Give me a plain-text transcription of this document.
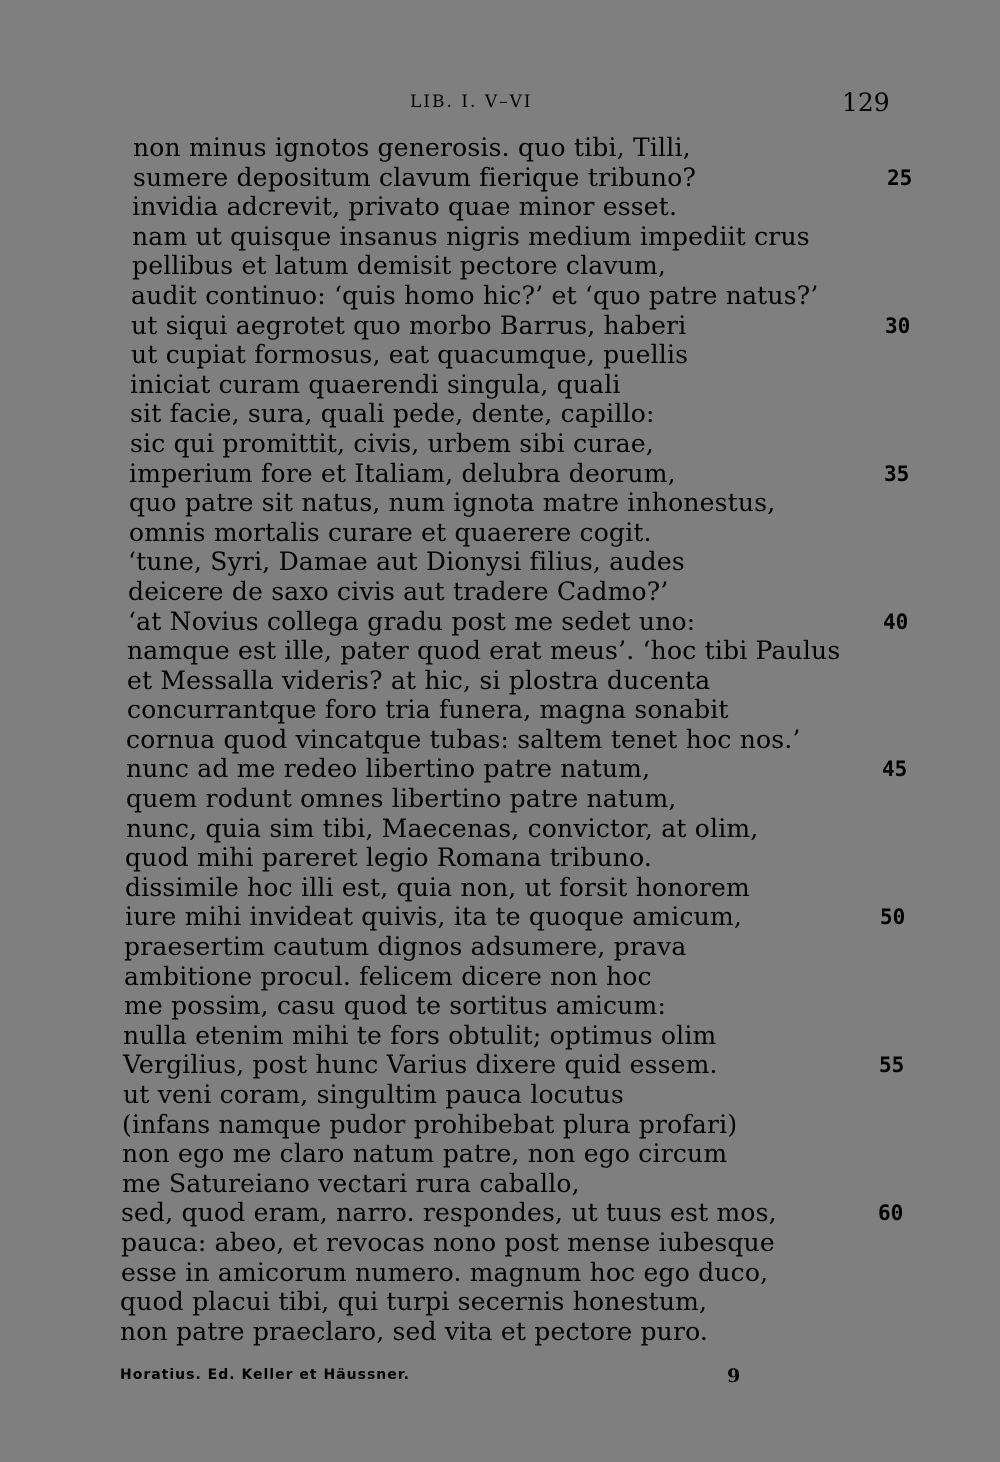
LIB. I. V–VI	129
non minus ignotos generosis. quo tibi, Tilli,
sumere depositum clavum fierique tribuno?	25
invidia adcrevit, privato quae minor esset.
nam ut quisque insanus nigris medium impediit crus
pellibus et latum demisit pectore clavum,
audit continuo: ‘quis homo hic?’ et ‘quo patre natus?’
ut siqui aegrotet quo morbo Barrus, haberi	30
ut cupiat formosus, eat quacumque, puellis
iniciat curam quaerendi singula, quali
sit facie, sura, quali pede, dente, capillo:
sic qui promittit, civis, urbem sibi curae,
imperium fore et Italiam, delubra deorum,	35
quo patre sit natus, num ignota matre inhonestus,
omnis mortalis curare et quaerere cogit.
‘tune, Syri, Damae aut Dionysi filius, audes
deicere de saxo civis aut tradere Cadmo?’
‘at Novius collega gradu post me sedet uno:	40
namque est ille, pater quod erat meus’. ‘hoc tibi Paulus
et Messalla videris? at hic, si plostra ducenta
concurrantque foro tria funera, magna sonabit
cornua quod vincatque tubas: saltem tenet hoc nos.’
nunc ad me redeo libertino patre natum,	45
quem rodunt omnes libertino patre natum,
nunc, quia sim tibi, Maecenas, convictor, at olim,
quod mihi pareret legio Romana tribuno.
dissimile hoc illi est, quia non, ut forsit honorem
iure mihi invideat quivis, ita te quoque amicum,	50
praesertim cautum dignos adsumere, prava
ambitione procul. felicem dicere non hoc
me possim, casu quod te sortitus amicum:
nulla etenim mihi te fors obtulit; optimus olim
Vergilius, post hunc Varius dixere quid essem.	55
ut veni coram, singultim pauca locutus
(infans namque pudor prohibebat plura profari)
non ego me claro natum patre, non ego circum
me Satureiano vectari rura caballo,
sed, quod eram, narro. respondes, ut tuus est mos,	60
pauca: abeo, et revocas nono post mense iubesque
esse in amicorum numero. magnum hoc ego duco,
quod placui tibi, qui turpi secernis honestum,
non patre praeclaro, sed vita et pectore puro.
Horatius. Ed. Keller et Häussner.	9
